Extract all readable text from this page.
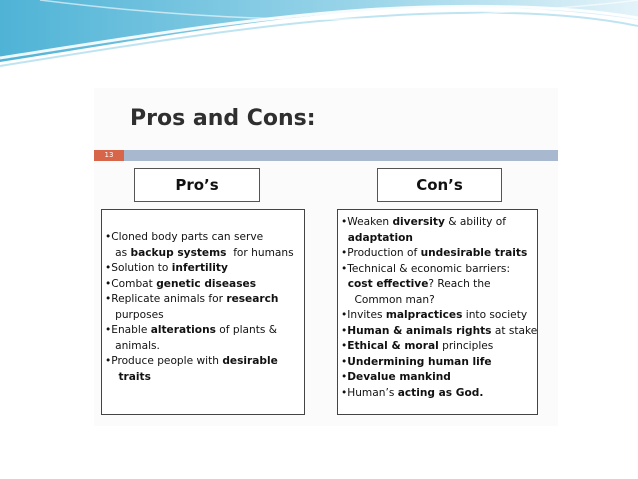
Pros and Cons:
13
Pro’s	Con’s
•Cloned body parts can serve
as backup systems  for humans
•Solution to infertility
•Combat genetic diseases
•Replicate animals for research
purposes
•Enable alterations of plants &
animals.
•Produce people with desirable
traits
•Weaken diversity & ability of
adaptation
•Production of undesirable traits
•Technical & economic barriers:
cost effective? Reach the
Common man?
•Invites malpractices into society
•Human & animals rights at stake
•Ethical & moral principles
•Undermining human life
•Devalue mankind
•Human’s acting as God.
